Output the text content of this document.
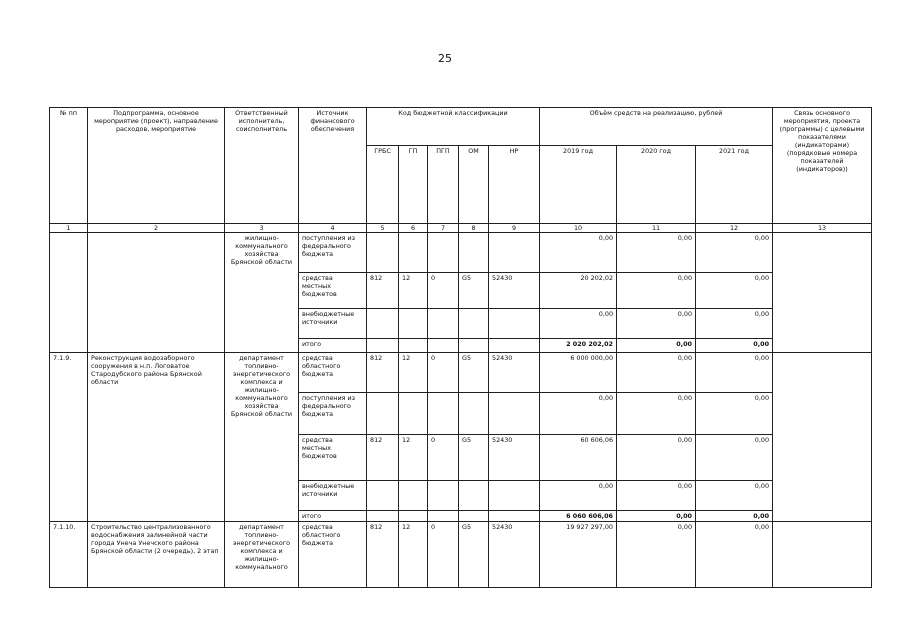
25
№ пп	Подпрограмма, основное мероприятие (проект), направление расходов, мероприятие	Ответственный исполнитель, соисполнитель	Источник финансового обеспечения	Код бюджетной классификации					Объём средств на реализацию, рублей			Связь основного мероприятия, проекта (программы) с целевыми показателями (индикаторами) (порядковые номера показателей (индикаторов))
				ГРБС	ГП	ПГП	ОМ	НР	2019 год	2020 год	2021 год	
1	2	3	4	5	6	7	8	9	10	11	12	13
		жилищно-коммунального хозяйства Брянской области	поступления из федерального бюджета						0,00	0,00	0,00	
			средства местных бюджетов	812	12	0	G5	52430	20 202,02	0,00	0,00	
			внебюджетные источники						0,00	0,00	0,00	
			итого						2 020 202,02	0,00	0,00	
7.1.9.	Реконструкция водозаборного сооружения в н.п. Логоватое Стародубского района Брянской области	департамент топливно-энергетического комплекса и жилищно-коммунального хозяйства Брянской области	средства областного бюджета	812	12	0	G5	52430	6 000 000,00	0,00	0,00	
			поступления из федерального бюджета						0,00	0,00	0,00	
			средства местных бюджетов	812	12	0	G5	52430	60 606,06	0,00	0,00	
			внебюджетные источники						0,00	0,00	0,00	
			итого						6 060 606,06	0,00	0,00	
7.1.10.	Строительство централизованного водоснабжения залинейной части города Унеча Унечского района Брянской области (2 очередь), 2 этап	департамент топливно-энергетического комплекса и жилищно-коммунального	средства областного бюджета	812	12	0	G5	52430	19 927 297,00	0,00	0,00	
